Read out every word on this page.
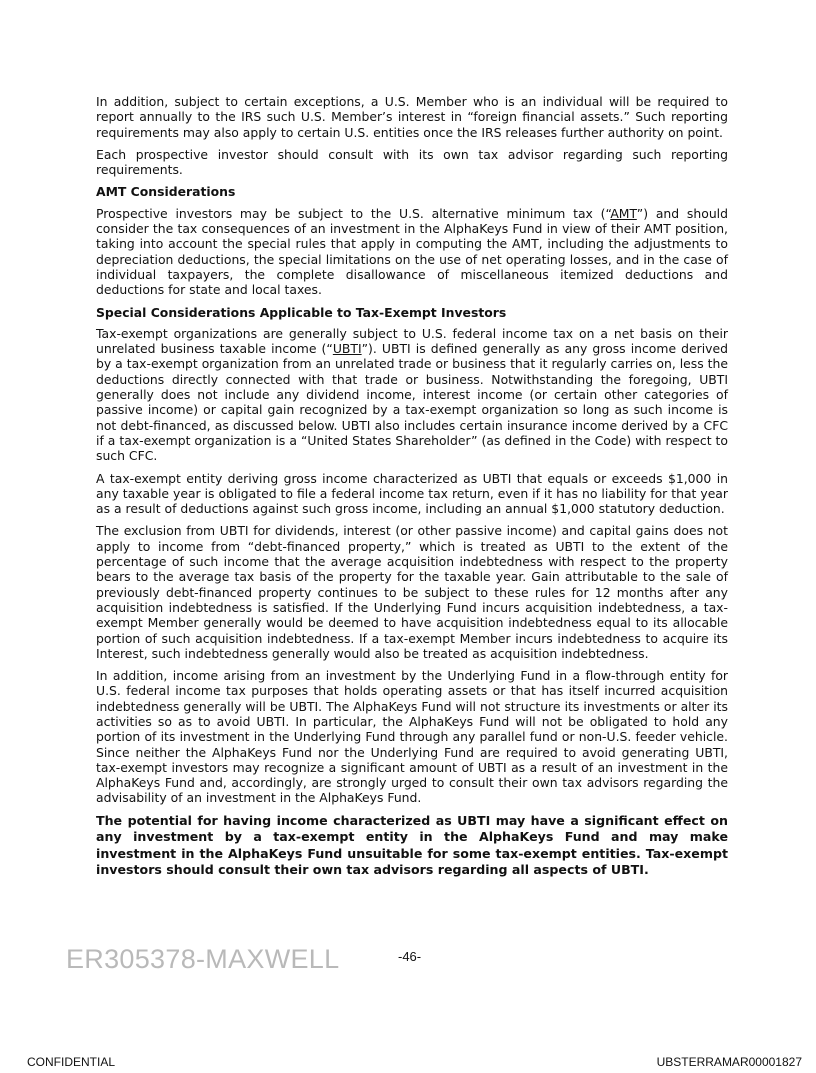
In addition, subject to certain exceptions, a U.S. Member who is an individual will be required to report annually to the IRS such U.S. Member’s interest in “foreign financial assets.” Such reporting requirements may also apply to certain U.S. entities once the IRS releases further authority on point.

Each prospective investor should consult with its own tax advisor regarding such reporting requirements.

AMT Considerations

Prospective investors may be subject to the U.S. alternative minimum tax (“AMT”) and should consider the tax consequences of an investment in the AlphaKeys Fund in view of their AMT position, taking into account the special rules that apply in computing the AMT, including the adjustments to depreciation deductions, the special limitations on the use of net operating losses, and in the case of individual taxpayers, the complete disallowance of miscellaneous itemized deductions and deductions for state and local taxes.

Special Considerations Applicable to Tax-Exempt Investors

Tax-exempt organizations are generally subject to U.S. federal income tax on a net basis on their unrelated business taxable income (“UBTI”). UBTI is defined generally as any gross income derived by a tax-exempt organization from an unrelated trade or business that it regularly carries on, less the deductions directly connected with that trade or business. Notwithstanding the foregoing, UBTI generally does not include any dividend income, interest income (or certain other categories of passive income) or capital gain recognized by a tax-exempt organization so long as such income is not debt-financed, as discussed below. UBTI also includes certain insurance income derived by a CFC if a tax-exempt organization is a “United States Shareholder” (as defined in the Code) with respect to such CFC.

A tax-exempt entity deriving gross income characterized as UBTI that equals or exceeds $1,000 in any taxable year is obligated to file a federal income tax return, even if it has no liability for that year as a result of deductions against such gross income, including an annual $1,000 statutory deduction.

The exclusion from UBTI for dividends, interest (or other passive income) and capital gains does not apply to income from “debt-financed property,” which is treated as UBTI to the extent of the percentage of such income that the average acquisition indebtedness with respect to the property bears to the average tax basis of the property for the taxable year. Gain attributable to the sale of previously debt-financed property continues to be subject to these rules for 12 months after any acquisition indebtedness is satisfied. If the Underlying Fund incurs acquisition indebtedness, a tax-exempt Member generally would be deemed to have acquisition indebtedness equal to its allocable portion of such acquisition indebtedness. If a tax-exempt Member incurs indebtedness to acquire its Interest, such indebtedness generally would also be treated as acquisition indebtedness.

In addition, income arising from an investment by the Underlying Fund in a flow-through entity for U.S. federal income tax purposes that holds operating assets or that has itself incurred acquisition indebtedness generally will be UBTI. The AlphaKeys Fund will not structure its investments or alter its activities so as to avoid UBTI. In particular, the AlphaKeys Fund will not be obligated to hold any portion of its investment in the Underlying Fund through any parallel fund or non-U.S. feeder vehicle. Since neither the AlphaKeys Fund nor the Underlying Fund are required to avoid generating UBTI, tax-exempt investors may recognize a significant amount of UBTI as a result of an investment in the AlphaKeys Fund and, accordingly, are strongly urged to consult their own tax advisors regarding the advisability of an investment in the AlphaKeys Fund.

The potential for having income characterized as UBTI may have a significant effect on any investment by a tax-exempt entity in the AlphaKeys Fund and may make investment in the AlphaKeys Fund unsuitable for some tax-exempt entities. Tax-exempt investors should consult their own tax advisors regarding all aspects of UBTI.

ER305378-MAXWELL	-46-
CONFIDENTIAL	UBSTERRAMAR00001827
